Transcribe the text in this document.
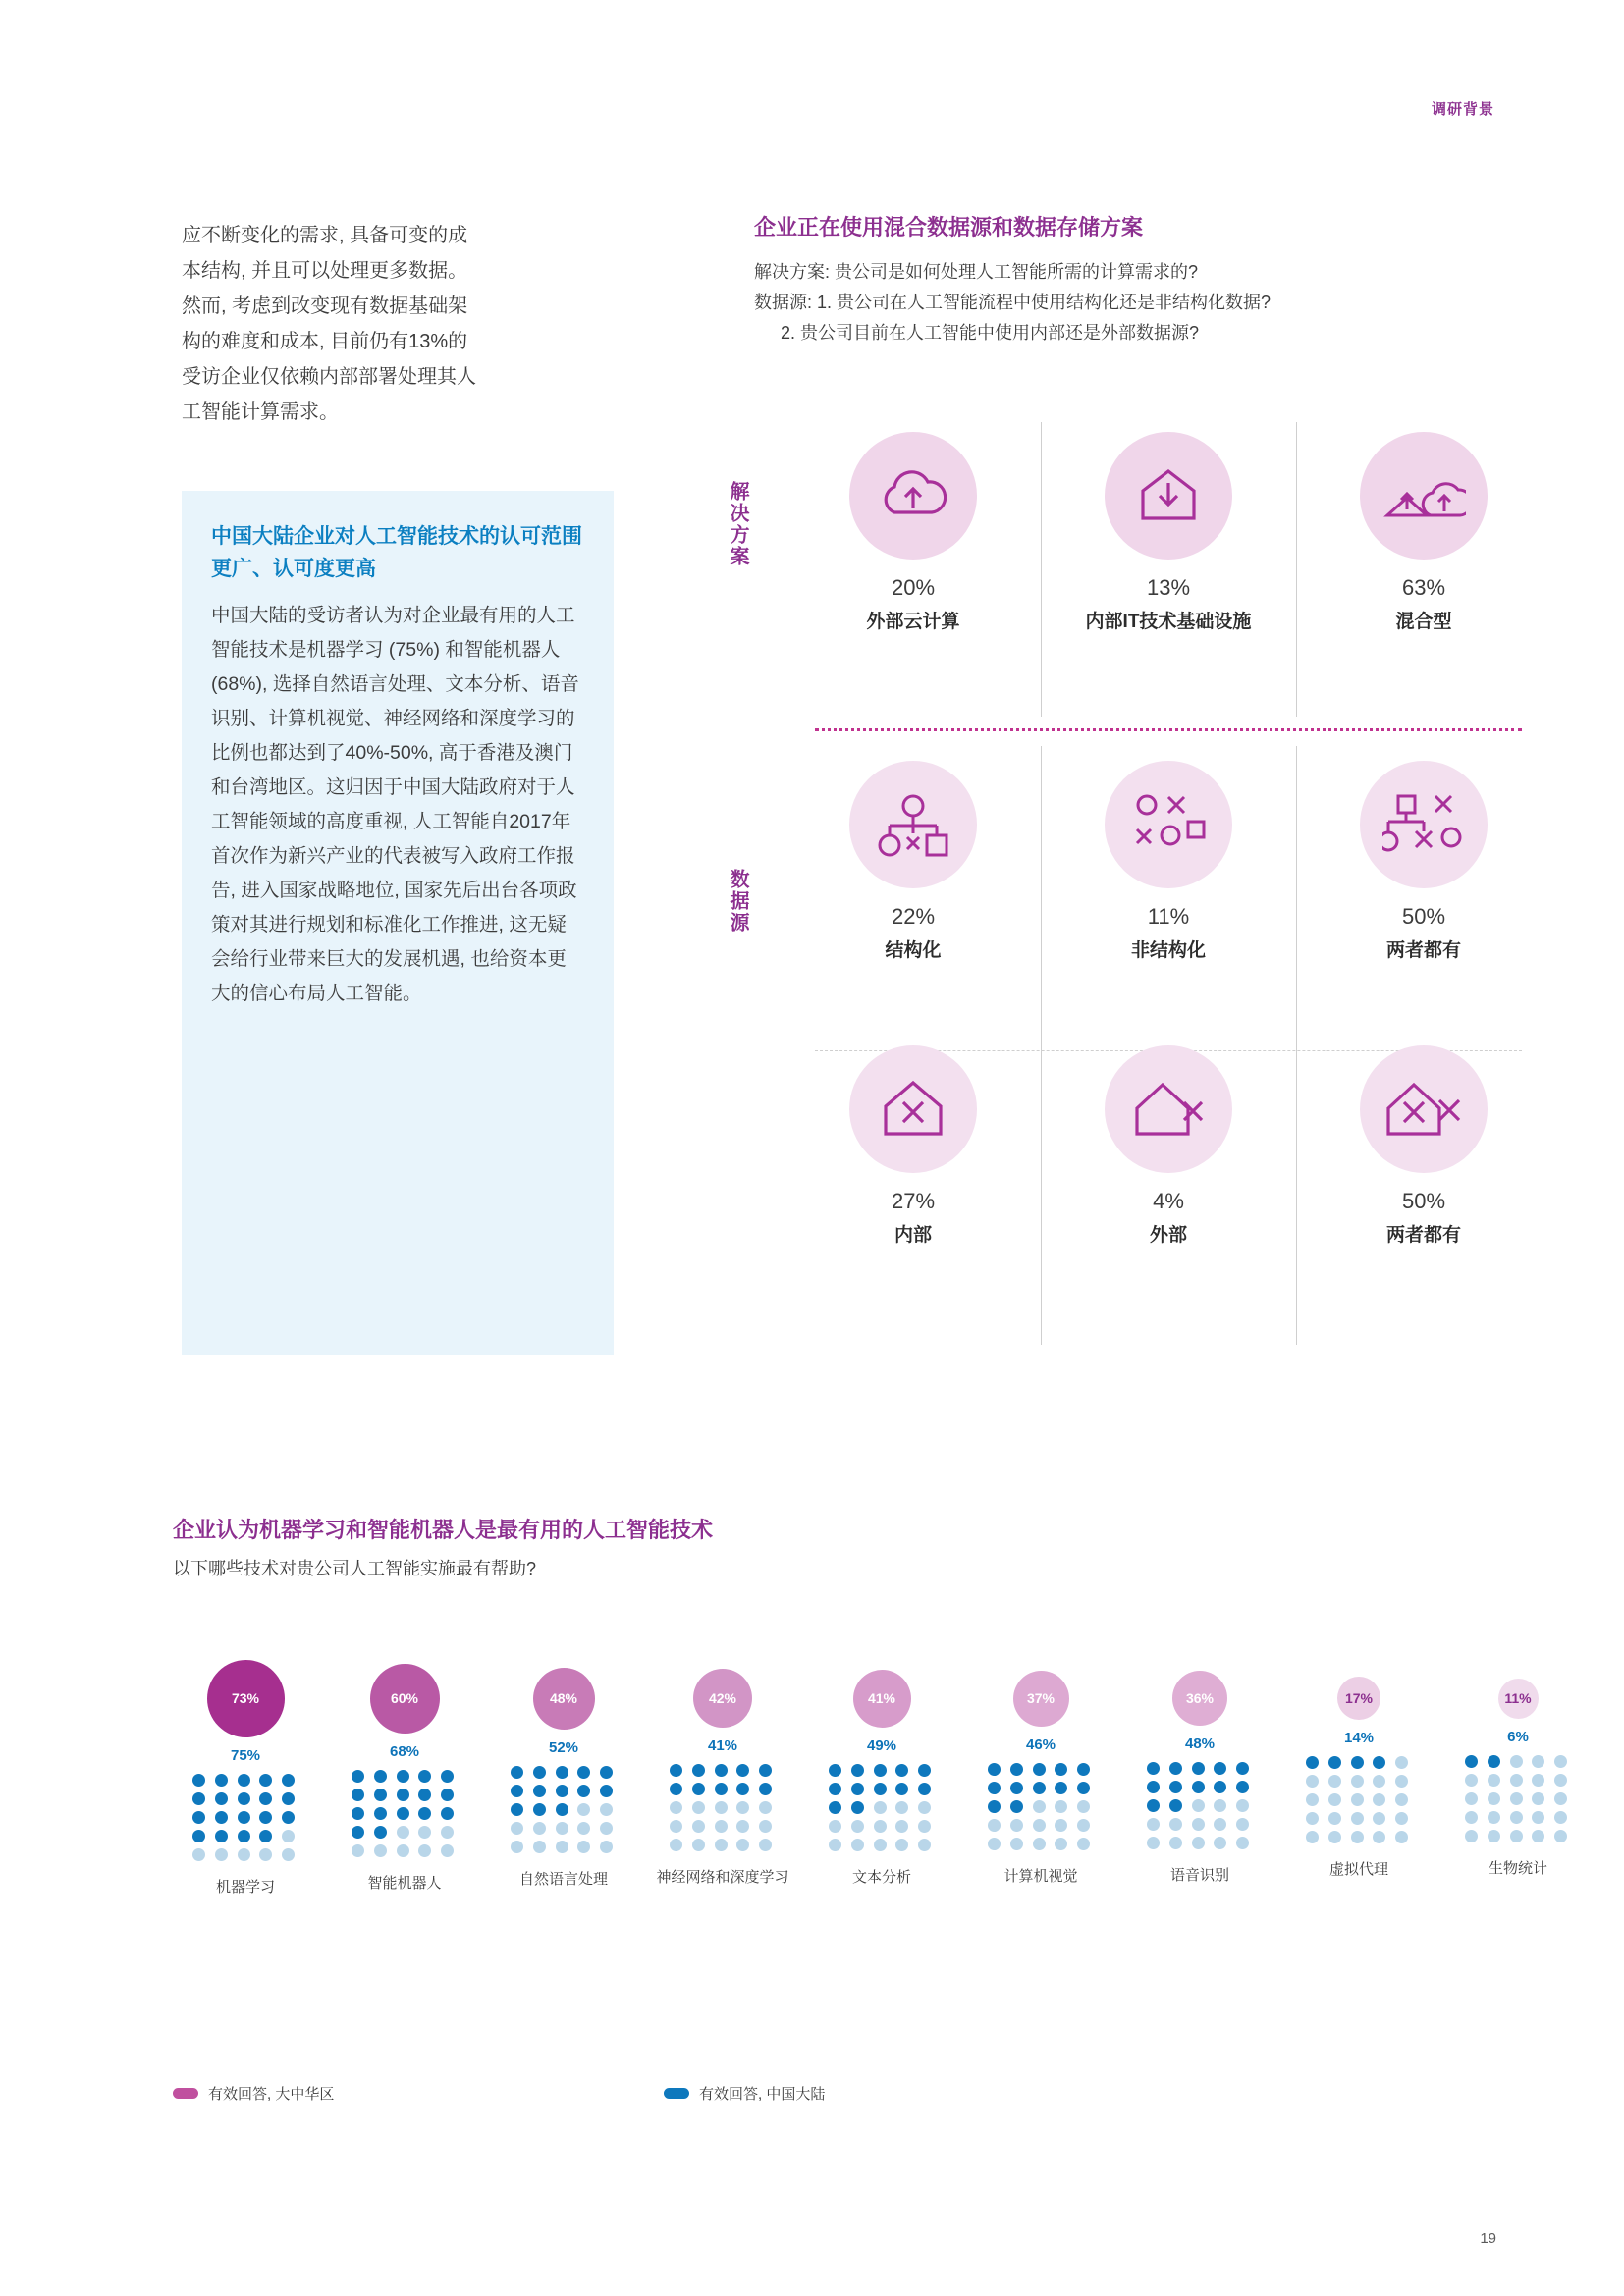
调研背景
应不断变化的需求, 具备可变的成本结构, 并且可以处理更多数据。然而, 考虑到改变现有数据基础架构的难度和成本, 目前仍有13%的受访企业仅依赖内部部署处理其人工智能计算需求。
中国大陆企业对人工智能技术的认可范围更广、认可度更高
中国大陆的受访者认为对企业最有用的人工智能技术是机器学习 (75%) 和智能机器人 (68%), 选择自然语言处理、文本分析、语音识别、计算机视觉、神经网络和深度学习的比例也都达到了40%-50%, 高于香港及澳门和台湾地区。这归因于中国大陆政府对于人工智能领域的高度重视, 人工智能自2017年首次作为新兴产业的代表被写入政府工作报告, 进入国家战略地位, 国家先后出台各项政策对其进行规划和标准化工作推进, 这无疑会给行业带来巨大的发展机遇, 也给资本更大的信心布局人工智能。
企业正在使用混合数据源和数据存储方案
解决方案: 贵公司是如何处理人工智能所需的计算需求的?
数据源: 1. 贵公司在人工智能流程中使用结构化还是非结构化数据?

2. 贵公司目前在人工智能中使用内部还是外部数据源?
解决方案
数据源
20%
外部云计算
13%
内部IT技术基础设施
63%
混合型
22%
结构化
11%
非结构化
50%
两者都有
27%
内部
4%
外部
50%
两者都有
企业认为机器学习和智能机器人是最有用的人工智能技术
以下哪些技术对贵公司人工智能实施最有帮助?
73%
75%
机器学习
60%
68%
智能机器人
48%
52%
自然语言处理
42%
41%
神经网络和深度学习
41%
49%
文本分析
37%
46%
计算机视觉
36%
48%
语音识别
17%
14%
虚拟代理
11%
6%
生物统计
有效回答, 大中华区	有效回答, 中国大陆
19
